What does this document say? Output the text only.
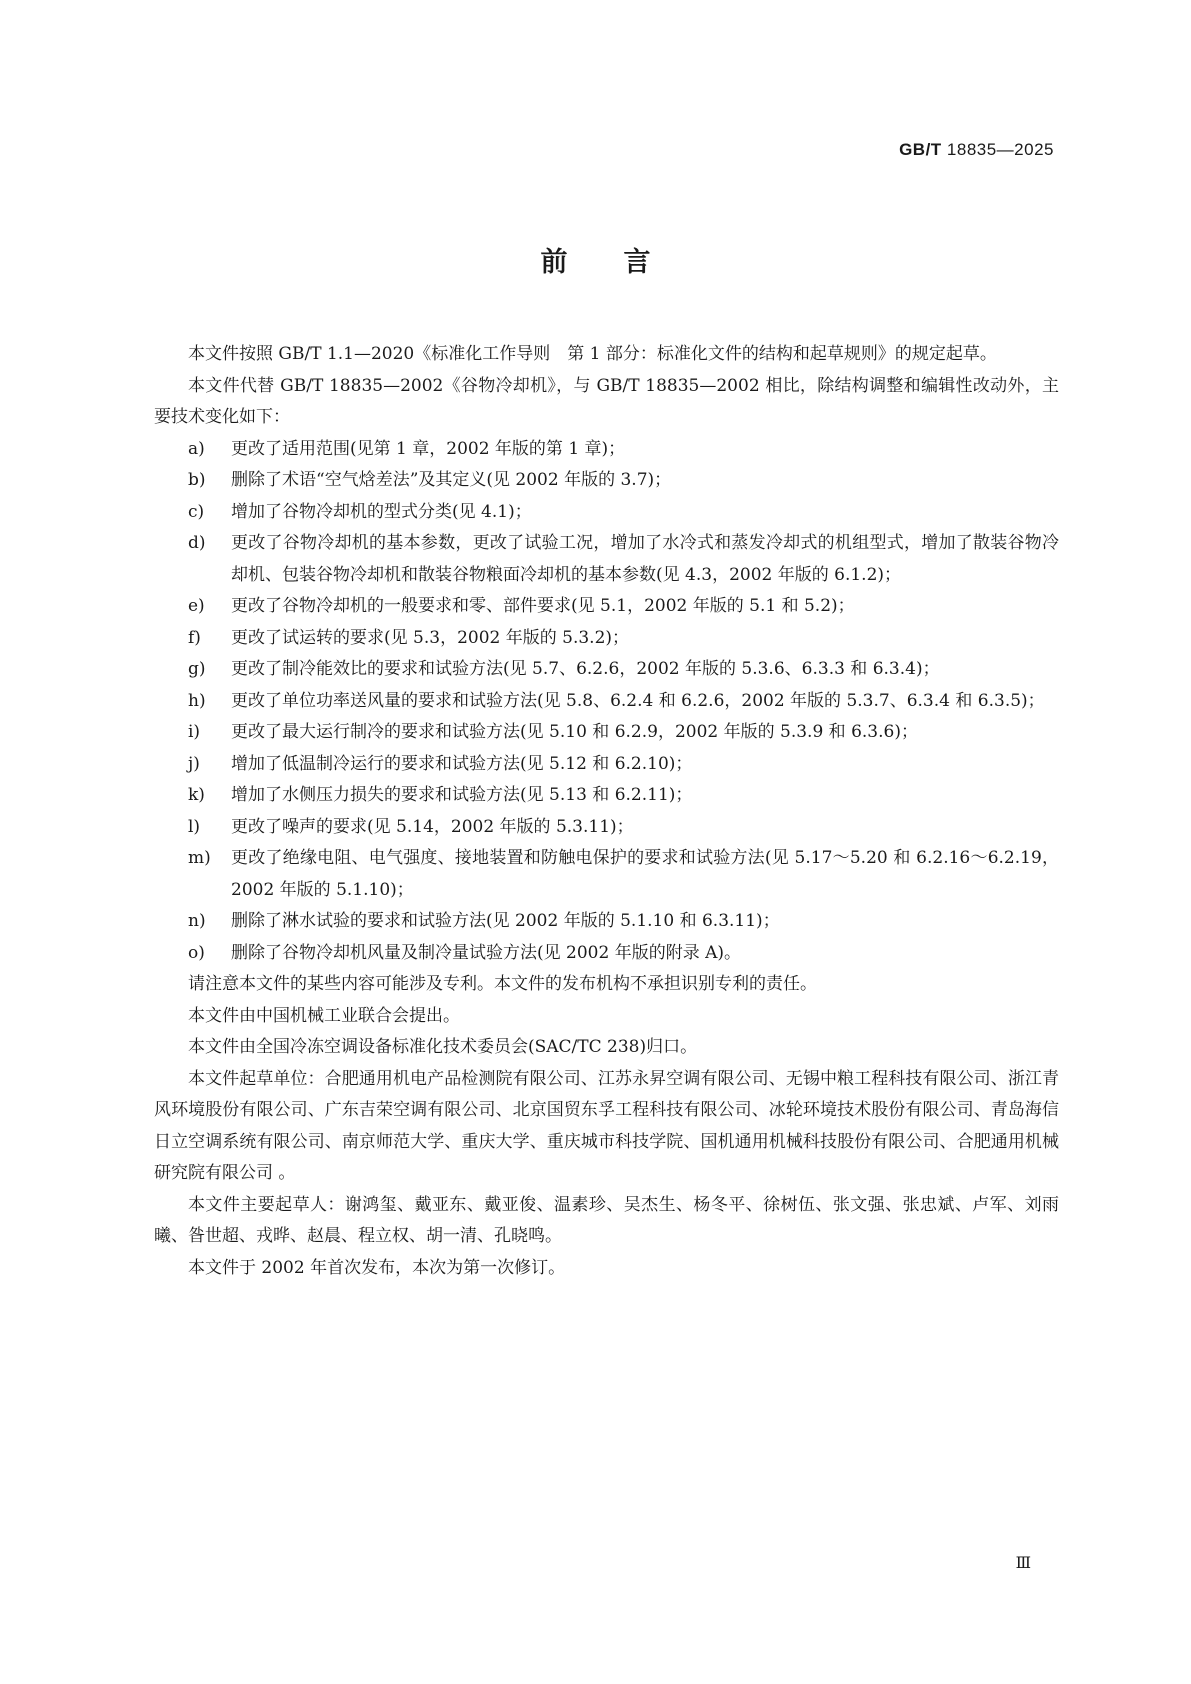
GB/T 18835—2025
前言

本文件按照 GB/T 1.1—2020《标准化工作导则　第 1 部分：标准化文件的结构和起草规则》的规定起草。

本文件代替 GB/T 18835—2002《谷物冷却机》，与 GB/T 18835—2002 相比，除结构调整和编辑性改动外，主要技术变化如下：

a)	更改了适用范围(见第 1 章，2002 年版的第 1 章)；
b)	删除了术语“空气焓差法”及其定义(见 2002 年版的 3.7)；
c)	增加了谷物冷却机的型式分类(见 4.1)；
d)	更改了谷物冷却机的基本参数，更改了试验工况，增加了水冷式和蒸发冷却式的机组型式，增加了散装谷物冷却机、包装谷物冷却机和散装谷物粮面冷却机的基本参数(见 4.3，2002 年版的 6.1.2)；
e)	更改了谷物冷却机的一般要求和零、部件要求(见 5.1，2002 年版的 5.1 和 5.2)；
f)	更改了试运转的要求(见 5.3，2002 年版的 5.3.2)；
g)	更改了制冷能效比的要求和试验方法(见 5.7、6.2.6，2002 年版的 5.3.6、6.3.3 和 6.3.4)；
h)	更改了单位功率送风量的要求和试验方法(见 5.8、6.2.4 和 6.2.6，2002 年版的 5.3.7、6.3.4 和 6.3.5)；
i)	更改了最大运行制冷的要求和试验方法(见 5.10 和 6.2.9，2002 年版的 5.3.9 和 6.3.6)；
j)	增加了低温制冷运行的要求和试验方法(见 5.12 和 6.2.10)；
k)	增加了水侧压力损失的要求和试验方法(见 5.13 和 6.2.11)；
l)	更改了噪声的要求(见 5.14，2002 年版的 5.3.11)；
m)	更改了绝缘电阻、电气强度、接地装置和防触电保护的要求和试验方法(见 5.17～5.20 和 6.2.16～6.2.19，2002 年版的 5.1.10)；
n)	删除了淋水试验的要求和试验方法(见 2002 年版的 5.1.10 和 6.3.11)；
o)	删除了谷物冷却机风量及制冷量试验方法(见 2002 年版的附录 A)。

请注意本文件的某些内容可能涉及专利。本文件的发布机构不承担识别专利的责任。

本文件由中国机械工业联合会提出。

本文件由全国冷冻空调设备标准化技术委员会(SAC/TC 238)归口。

本文件起草单位：合肥通用机电产品检测院有限公司、江苏永昇空调有限公司、无锡中粮工程科技有限公司、浙江青风环境股份有限公司、广东吉荣空调有限公司、北京国贸东孚工程科技有限公司、冰轮环境技术股份有限公司、青岛海信日立空调系统有限公司、南京师范大学、重庆大学、重庆城市科技学院、国机通用机械科技股份有限公司、合肥通用机械研究院有限公司 。

本文件主要起草人：谢鸿玺、戴亚东、戴亚俊、温素珍、吴杰生、杨冬平、徐树伍、张文强、张忠斌、卢军、刘雨曦、昝世超、戎晔、赵晨、程立权、胡一清、孔晓鸣。

本文件于 2002 年首次发布，本次为第一次修订。

Ⅲ
